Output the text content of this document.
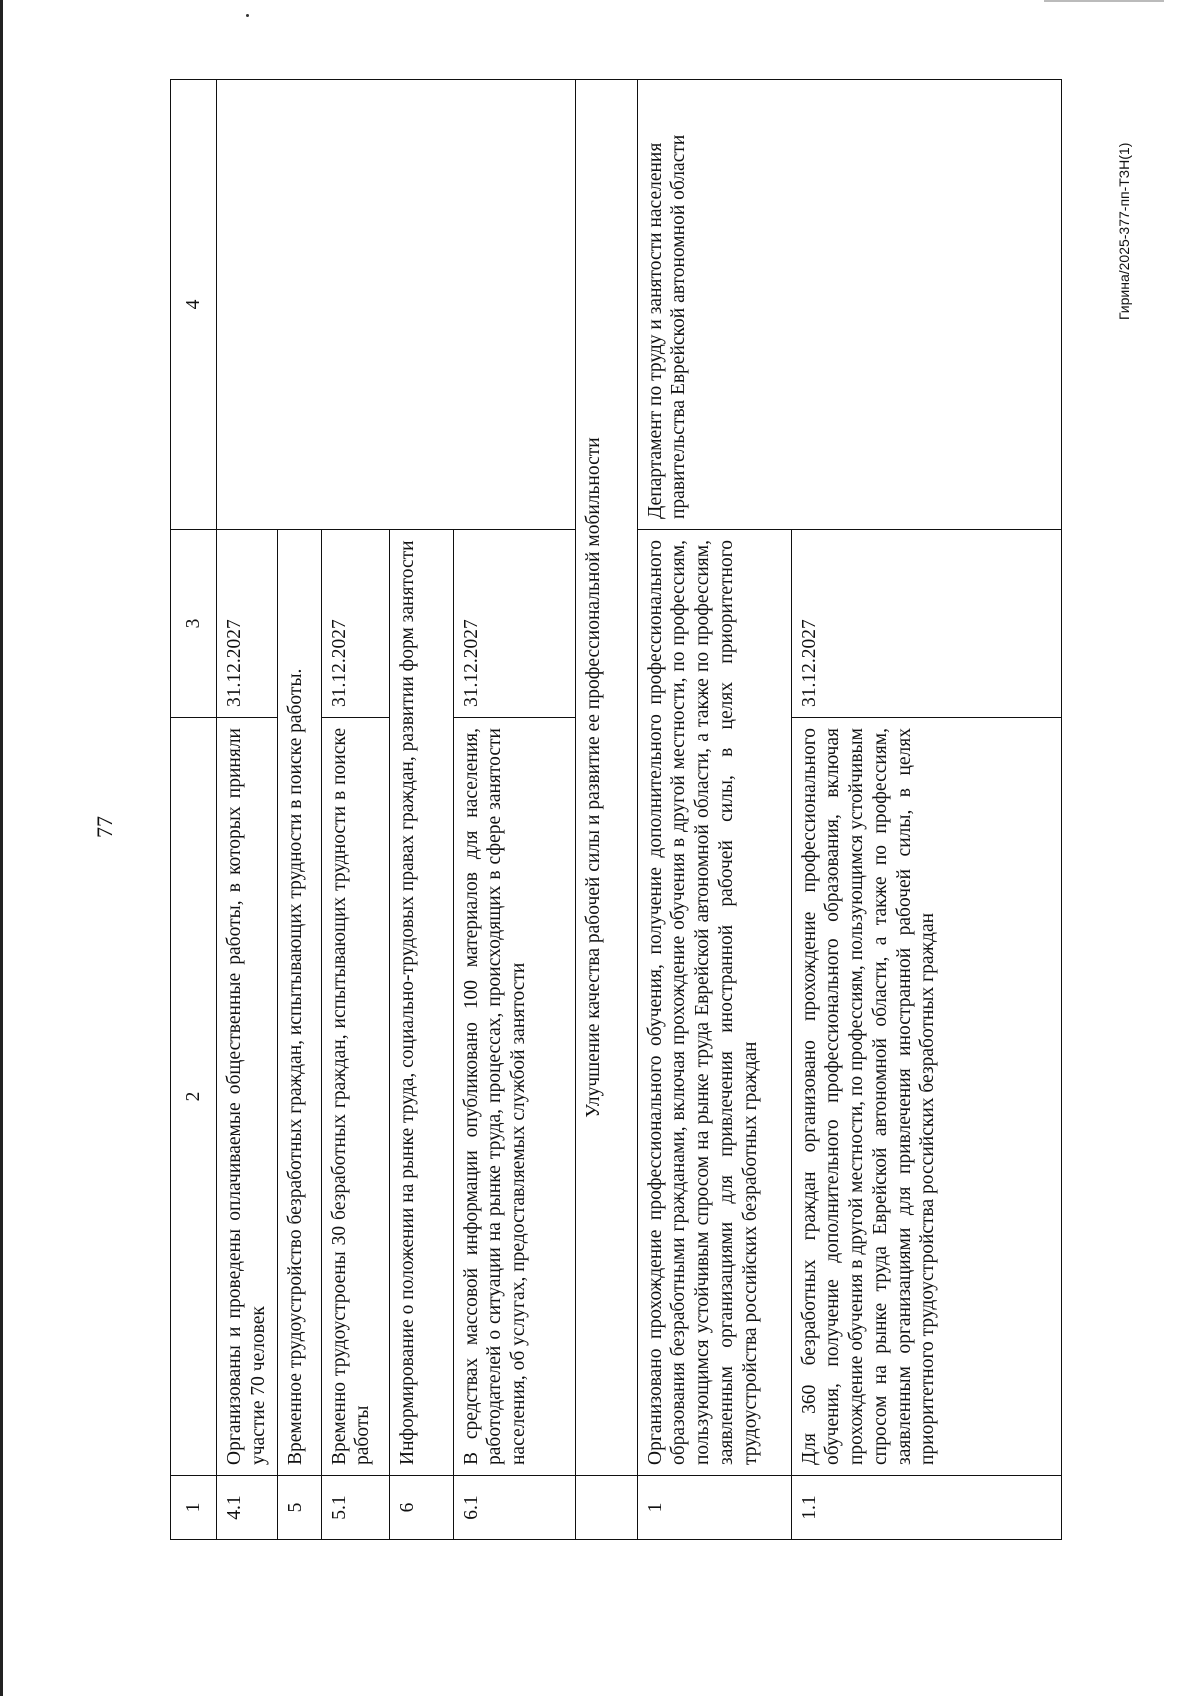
77
1	2	3	4
4.1	Организованы и проведены оплачиваемые общественные работы, в которых приняли участие 70 человек	31.12.2027	
5	Временное трудоустройство безработных граждан, испытывающих трудности в поиске работы.		
5.1	Временно трудоустроены 30 безработных граждан, испытывающих трудности в поиске работы	31.12.2027	
6	Информирование о положении на рынке труда, социально-трудовых правах граждан, развитии форм занятости		
6.1	В средствах массовой информации опубликовано 100 материалов для населения, работодателей о ситуации на рынке труда, процессах, происходящих в сфере занятости населения, об услугах, предоставляемых службой занятости	31.12.2027	
	Улучшение качества рабочей силы и развитие ее профессиональной мобильности		
1	Организовано прохождение профессионального обучения, получение дополнительного профессионального образования безработными гражданами, включая прохождение обучения в другой местности, по профессиям, пользующимся устойчивым спросом на рынке труда Еврейской автономной области, а также по профессиям, заявленным организациями для привлечения иностранной рабочей силы, в целях приоритетного трудоустройства российских безработных граждан		Департамент по труду и занятости населения правительства Еврейской автономной области
1.1	Для 360 безработных граждан организовано прохождение профессионального обучения, получение дополнительного профессионального образования, включая прохождение обучения в другой местности, по профессиям, пользующимся устойчивым спросом на рынке труда Еврейской автономной области, а также по профессиям, заявленным организациями для привлечения иностранной рабочей силы, в целях приоритетного трудоустройства российских безработных граждан	31.12.2027	
Гирина/2025-377-пп-ТЗН(1)
